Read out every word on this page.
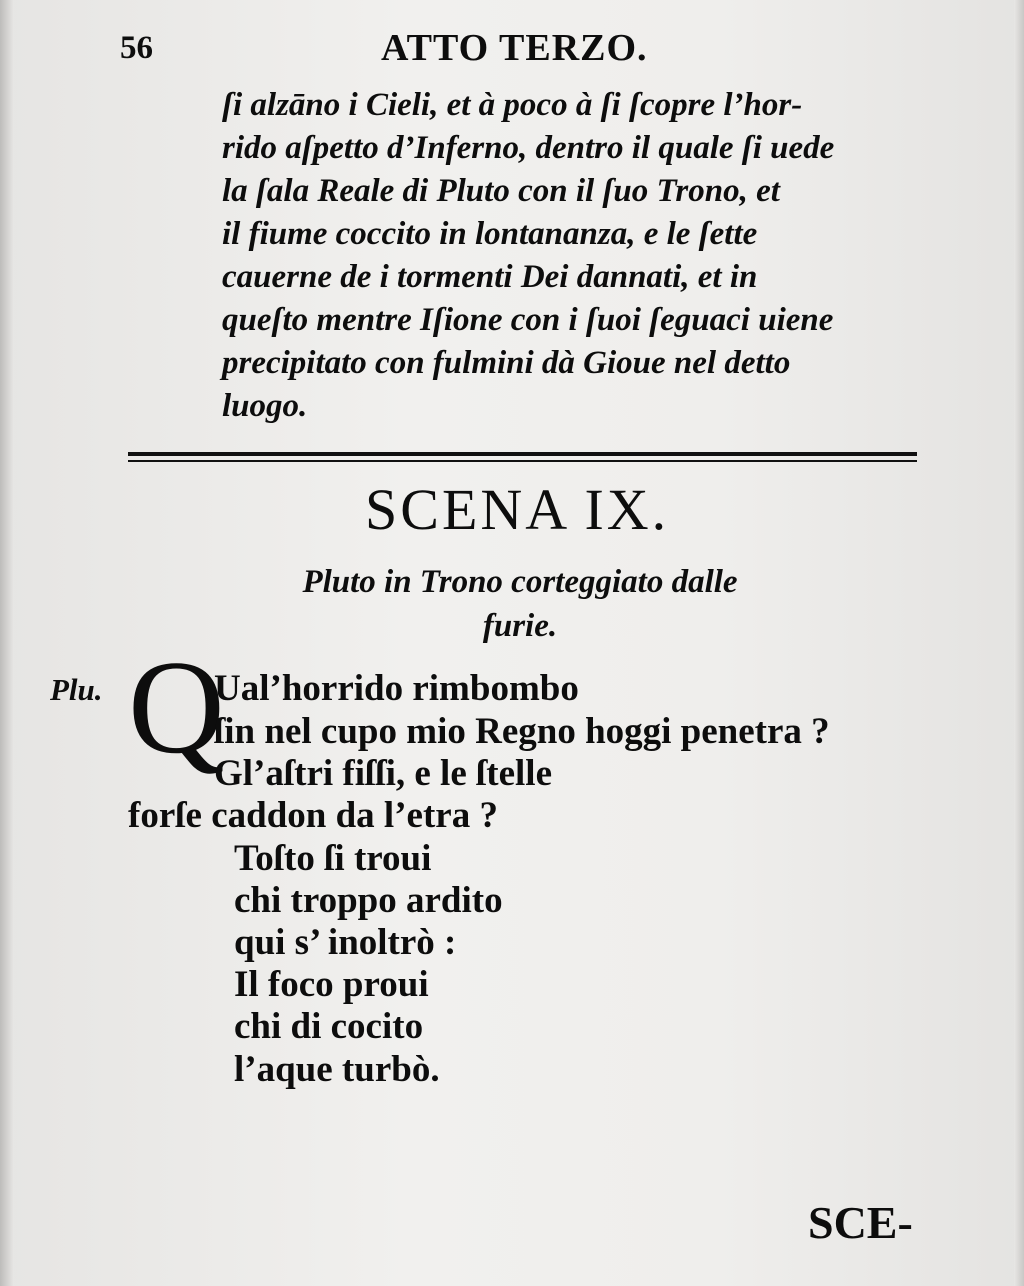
56	ATTO TERZO.
ſi alzāno i Cieli, et à poco à ſi ſcopre l’hor-
rido aſpetto d’Inferno, dentro il quale ſi uede
la ſala Reale di Pluto con il ſuo Trono, et
il fiume coccito in lontananza, e le ſette
cauerne de i tormenti Dei dannati, et in
queſto mentre Iſione con i ſuoi ſeguaci uiene
precipitato con fulmini dà Gioue nel detto
luogo.
SCENA IX.
Pluto in Trono corteggiato dalle
furie.
Plu. Q
Ual’horrido rimbombo
ſin nel cupo mio Regno hoggi penetra ?
Gl’aſtri fiſſi, e le ſtelle
forſe caddon da l’etra ?
Toſto ſi troui
chi troppo ardito
qui s’ inoltrò :
Il foco proui
chi di cocito
l’aque turbò.
SCE-
